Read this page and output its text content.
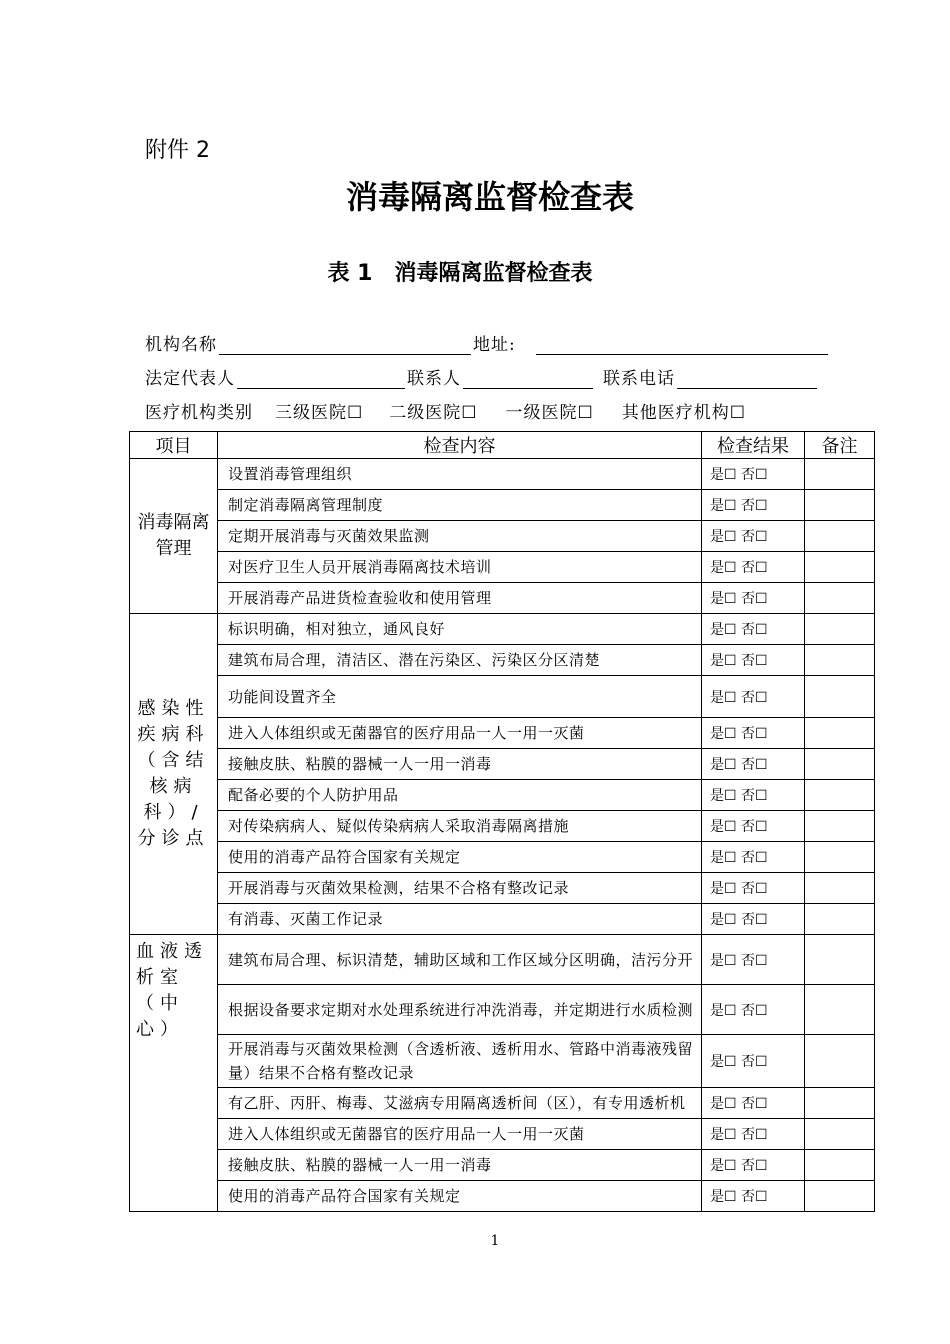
附件 2
消毒隔离监督检查表
表 1　消毒隔离监督检查表
机构名称	地址:
法定代表人	联系人	联系电话
医疗机构类别 三级医院☐ 二级医院☐ 一级医院☐ 其他医疗机构☐
项目	检查内容	检查结果	备注
消毒隔离管理	设置消毒管理组织	是☐ 否☐	
	制定消毒隔离管理制度	是☐ 否☐	
	定期开展消毒与灭菌效果监测	是☐ 否☐	
	对医疗卫生人员开展消毒隔离技术培训	是☐ 否☐	
	开展消毒产品进货检查验收和使用管理	是☐ 否☐	
感染性疾病科（含结核病科）/分诊点	标识明确，相对独立，通风良好	是☐ 否☐	
	建筑布局合理，清洁区、潜在污染区、污染区分区清楚	是☐ 否☐	
	功能间设置齐全	是☐ 否☐	
	进入人体组织或无菌器官的医疗用品一人一用一灭菌	是☐ 否☐	
	接触皮肤、粘膜的器械一人一用一消毒	是☐ 否☐	
	配备必要的个人防护用品	是☐ 否☐	
	对传染病病人、疑似传染病病人采取消毒隔离措施	是☐ 否☐	
	使用的消毒产品符合国家有关规定	是☐ 否☐	
	开展消毒与灭菌效果检测，结果不合格有整改记录	是☐ 否☐	
	有消毒、灭菌工作记录	是☐ 否☐	
血液透析室（中心）	建筑布局合理、标识清楚，辅助区域和工作区域分区明确，洁污分开	是☐ 否☐	
	根据设备要求定期对水处理系统进行冲洗消毒，并定期进行水质检测	是☐ 否☐	
	开展消毒与灭菌效果检测（含透析液、透析用水、管路中消毒液残留量）结果不合格有整改记录	是☐ 否☐	
	有乙肝、丙肝、梅毒、艾滋病专用隔离透析间（区），有专用透析机	是☐ 否☐	
	进入人体组织或无菌器官的医疗用品一人一用一灭菌	是☐ 否☐	
	接触皮肤、粘膜的器械一人一用一消毒	是☐ 否☐	
	使用的消毒产品符合国家有关规定	是☐ 否☐	
1
